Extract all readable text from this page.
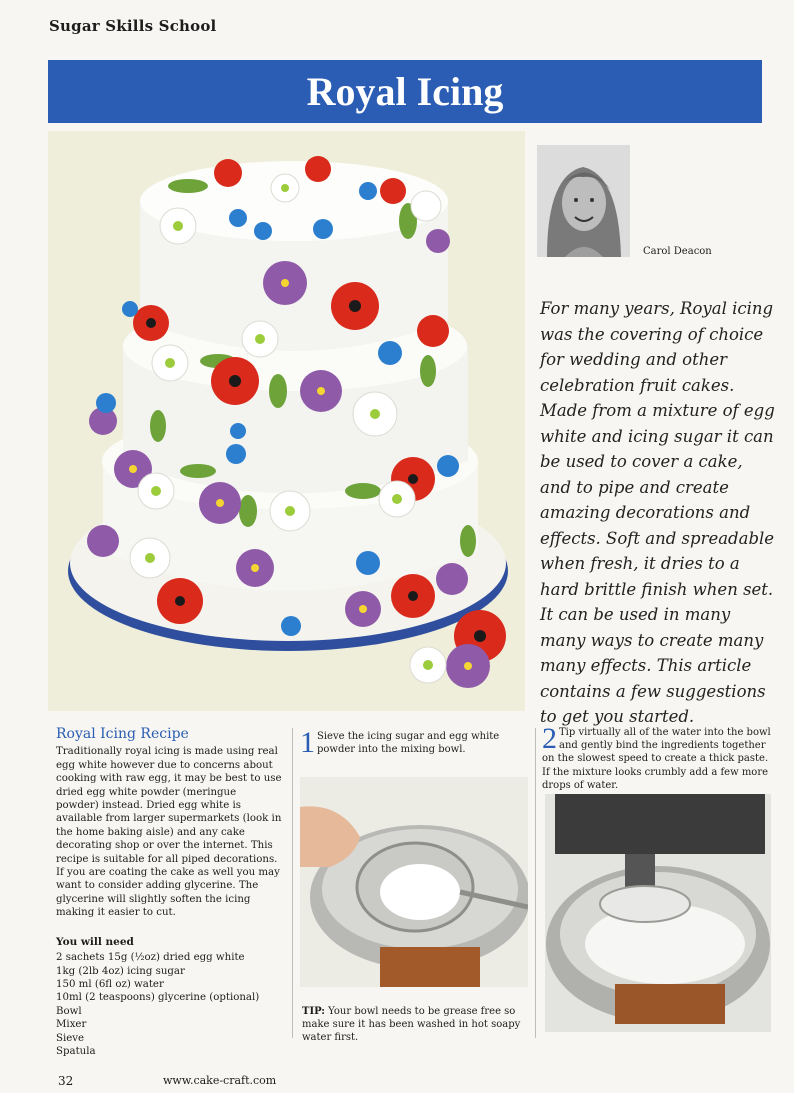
Sugar Skills School
Royal Icing
Carol Deacon
For many years, Royal icing was the covering of choice for wedding and other celebration fruit cakes. Made from a mixture of egg white and icing sugar it can be used to cover a cake, and to pipe and create amazing decorations and effects. Soft and spreadable when fresh, it dries to a hard brittle finish when set. It can be used in many many ways to create many many effects. This article contains a few suggestions to get you started.
Royal Icing Recipe

Traditionally royal icing is made using real egg white however due to concerns about cooking with raw egg, it may be best to use dried egg white powder (meringue powder) instead. Dried egg white is available from larger supermarkets (look in the home baking aisle) and any cake decorating shop or over the internet. This recipe is suitable for all piped decorations. If you are coating the cake as well you may want to consider adding glycerine. The glycerine will slightly soften the icing making it easier to cut.

You will need
2 sachets 15g (½oz) dried egg white
1kg (2lb 4oz) icing sugar
150 ml (6fl oz) water
10ml (2 teaspoons) glycerine (optional)
Bowl
Mixer
Sieve
Spatula
1 Sieve the icing sugar and egg white powder into the mixing bowl.
TIP: Your bowl needs to be grease free so make sure it has been washed in hot soapy water first.
2 Tip virtually all of the water into the bowl and gently bind the ingredients together on the slowest speed to create a thick paste. If the mixture looks crumbly add a few more drops of water.
32	www.cake-craft.com
